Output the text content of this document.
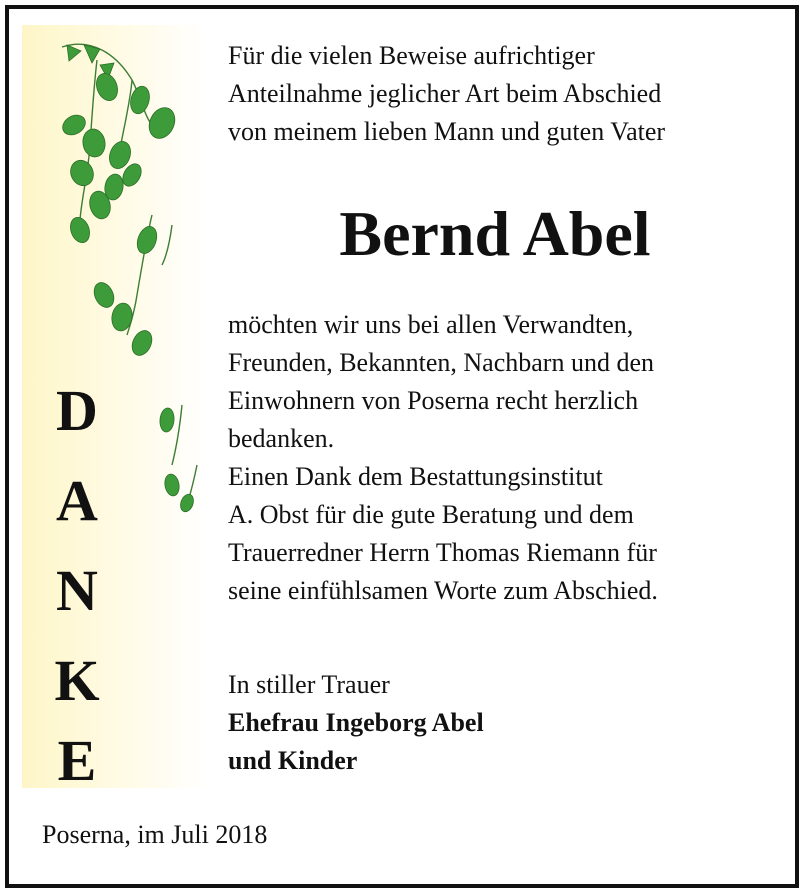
D
A
N
K
E
Für die vielen Beweise aufrichtiger
Anteilnahme jeglicher Art beim Abschied
von meinem lieben Mann und guten Vater
Bernd Abel
möchten wir uns bei allen Verwandten,
Freunden, Bekannten, Nachbarn und den
Einwohnern von Poserna recht herzlich
bedanken.
Einen Dank dem Bestattungsinstitut
A. Obst für die gute Beratung und dem
Trauerredner Herrn Thomas Riemann für
seine einfühlsamen Worte zum Abschied.
In stiller Trauer
Ehefrau Ingeborg Abel
und Kinder
Poserna, im Juli 2018
